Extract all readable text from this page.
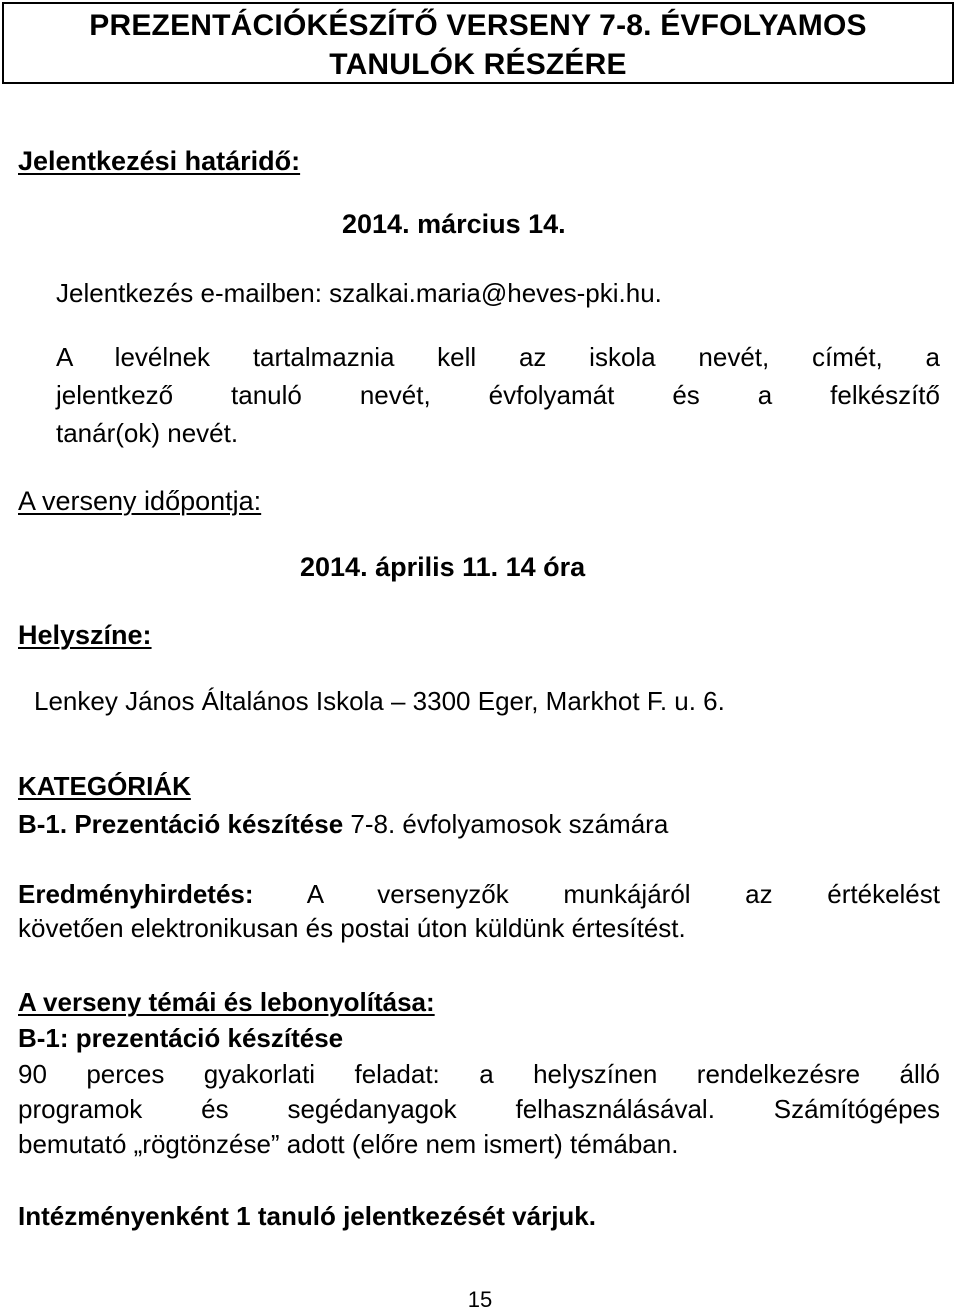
PREZENTÁCIÓKÉSZÍTŐ VERSENY 7-8. ÉVFOLYAMOS
TANULÓK RÉSZÉRE

Jelentkezési határidő:

2014. március 14.

Jelentkezés e-mailben: szalkai.maria@heves-pki.hu.

A levélnek tartalmaznia kell az iskola nevét, címét, a
jelentkező tanuló nevét, évfolyamát és a felkészítő
tanár(ok) nevét.

A verseny időpontja:

2014. április 11. 14 óra

Helyszíne:

Lenkey János Általános Iskola – 3300 Eger, Markhot F. u. 6.

KATEGÓRIÁK

B-1. Prezentáció készítése 7-8. évfolyamosok számára

Eredményhirdetés: A versenyzők munkájáról az értékelést
követően elektronikusan és postai úton küldünk értesítést.

A verseny témái és lebonyolítása:

B-1: prezentáció készítése

90 perces gyakorlati feladat: a helyszínen rendelkezésre álló
programok és segédanyagok felhasználásával. Számítógépes
bemutató „rögtönzése” adott (előre nem ismert) témában.

Intézményenként 1 tanuló jelentkezését várjuk.

15
